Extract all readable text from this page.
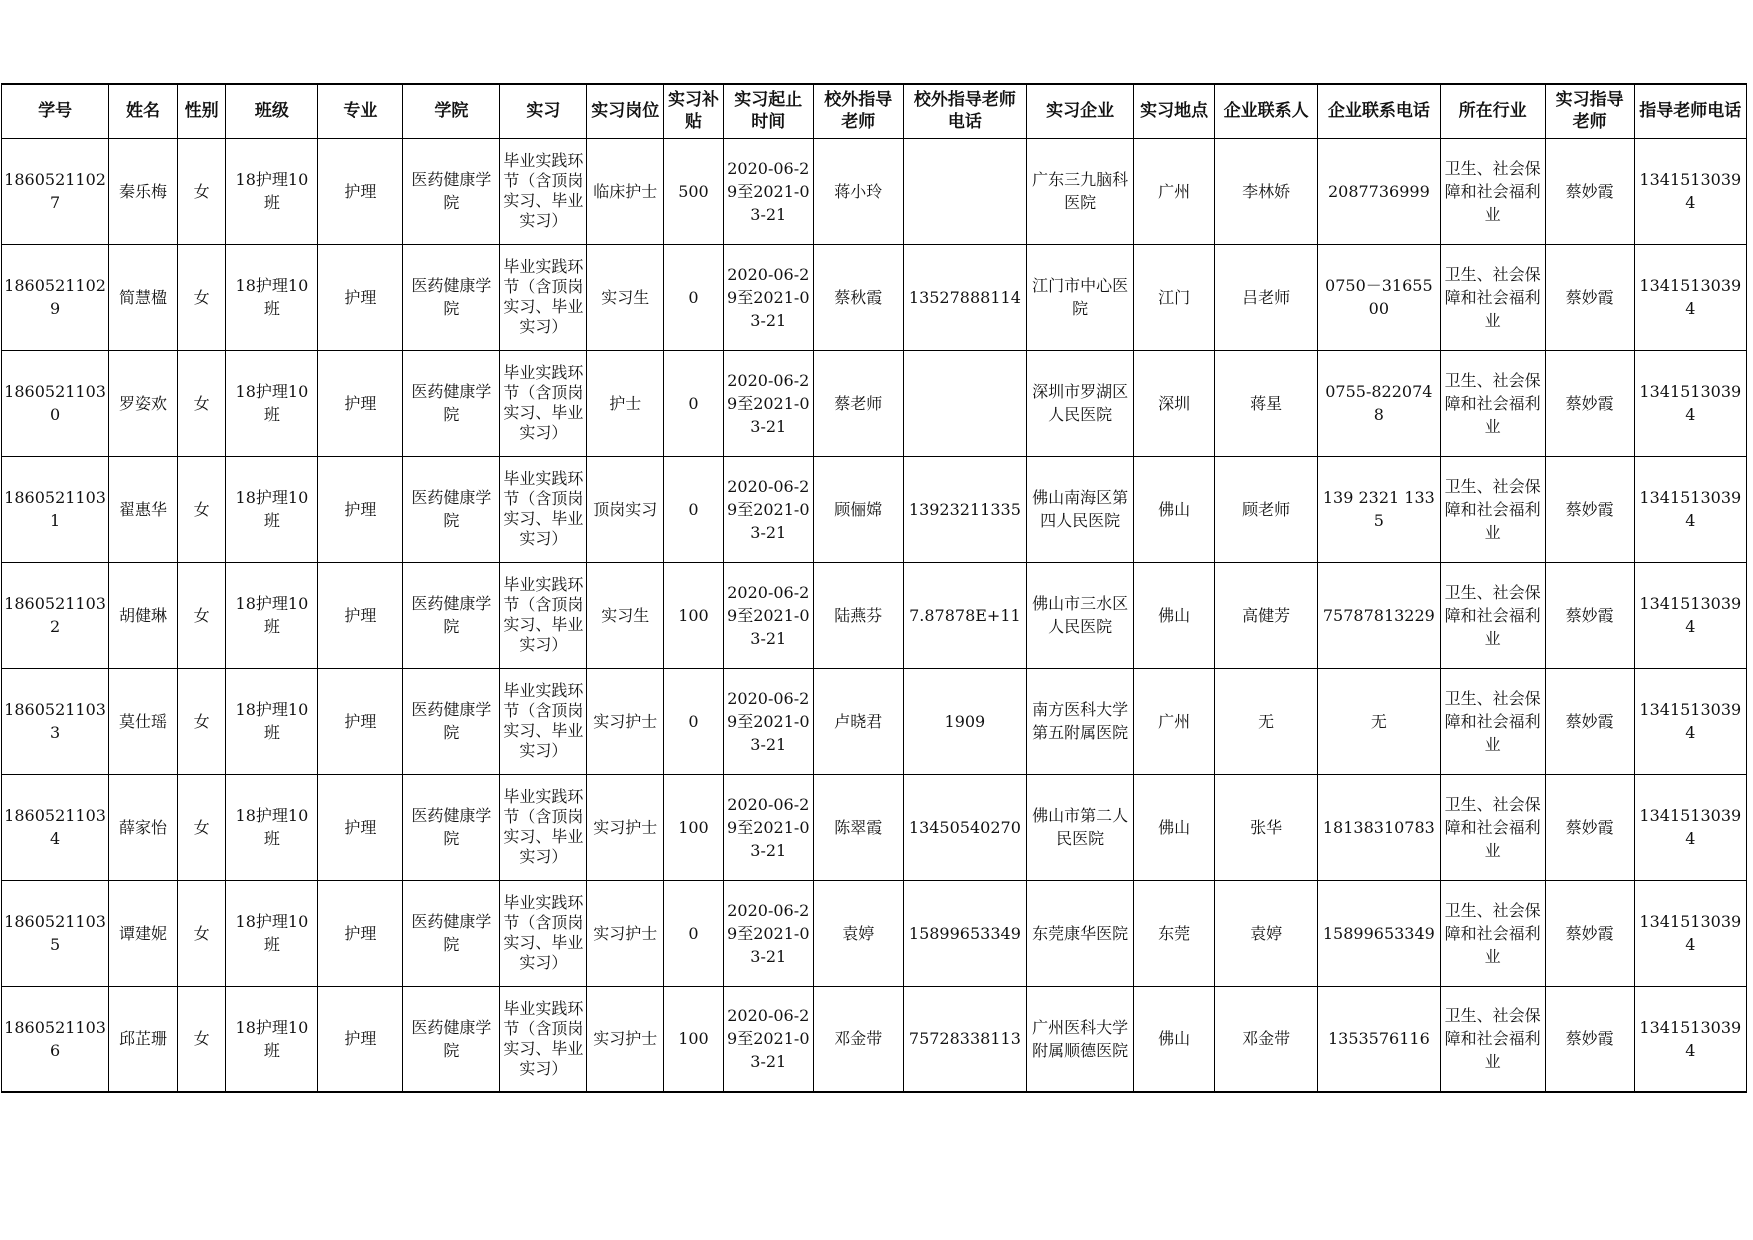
学号	姓名	性别	班级	专业	学院	实习	实习岗位	实习补贴	实习起止时间	校外指导老师	校外指导老师电话	实习企业	实习地点	企业联系人	企业联系电话	所在行业	实习指导老师	指导老师电话

18605211027	秦乐梅	女	18护理10班	护理	医药健康学院	毕业实践环节（含顶岗实习、毕业实习）	临床护士	500	2020-06-29至2021-03-21	蒋小玲		广东三九脑科医院	广州	李林娇	2087736999	卫生、社会保障和社会福利业	蔡妙霞	13415130394

18605211029	简慧楹	女	18护理10班	护理	医药健康学院	毕业实践环节（含顶岗实习、毕业实习）	实习生	0	2020-06-29至2021-03-21	蔡秋霞	13527888114	江门市中心医院	江门	吕老师	0750－3165500	卫生、社会保障和社会福利业	蔡妙霞	13415130394

18605211030	罗姿欢	女	18护理10班	护理	医药健康学院	毕业实践环节（含顶岗实习、毕业实习）	护士	0	2020-06-29至2021-03-21	蔡老师		深圳市罗湖区人民医院	深圳	蒋星	0755-8220748	卫生、社会保障和社会福利业	蔡妙霞	13415130394

18605211031	翟惠华	女	18护理10班	护理	医药健康学院	毕业实践环节（含顶岗实习、毕业实习）	顶岗实习	0	2020-06-29至2021-03-21	顾俪嫦	13923211335	佛山南海区第四人民医院	佛山	顾老师	139 2321 1335	卫生、社会保障和社会福利业	蔡妙霞	13415130394

18605211032	胡健琳	女	18护理10班	护理	医药健康学院	毕业实践环节（含顶岗实习、毕业实习）	实习生	100	2020-06-29至2021-03-21	陆燕芬	7.87878E+11	佛山市三水区人民医院	佛山	高健芳	75787813229	卫生、社会保障和社会福利业	蔡妙霞	13415130394

18605211033	莫仕瑶	女	18护理10班	护理	医药健康学院	毕业实践环节（含顶岗实习、毕业实习）	实习护士	0	2020-06-29至2021-03-21	卢晓君	1909	南方医科大学第五附属医院	广州	无	无	卫生、社会保障和社会福利业	蔡妙霞	13415130394

18605211034	薛家怡	女	18护理10班	护理	医药健康学院	毕业实践环节（含顶岗实习、毕业实习）	实习护士	100	2020-06-29至2021-03-21	陈翠霞	13450540270	佛山市第二人民医院	佛山	张华	18138310783	卫生、社会保障和社会福利业	蔡妙霞	13415130394

18605211035	谭建妮	女	18护理10班	护理	医药健康学院	毕业实践环节（含顶岗实习、毕业实习）	实习护士	0	2020-06-29至2021-03-21	袁婷	15899653349	东莞康华医院	东莞	袁婷	15899653349	卫生、社会保障和社会福利业	蔡妙霞	13415130394

18605211036	邱芷珊	女	18护理10班	护理	医药健康学院	毕业实践环节（含顶岗实习、毕业实习）	实习护士	100	2020-06-29至2021-03-21	邓金带	75728338113	广州医科大学附属顺德医院	佛山	邓金带	1353576116	卫生、社会保障和社会福利业	蔡妙霞	13415130394
